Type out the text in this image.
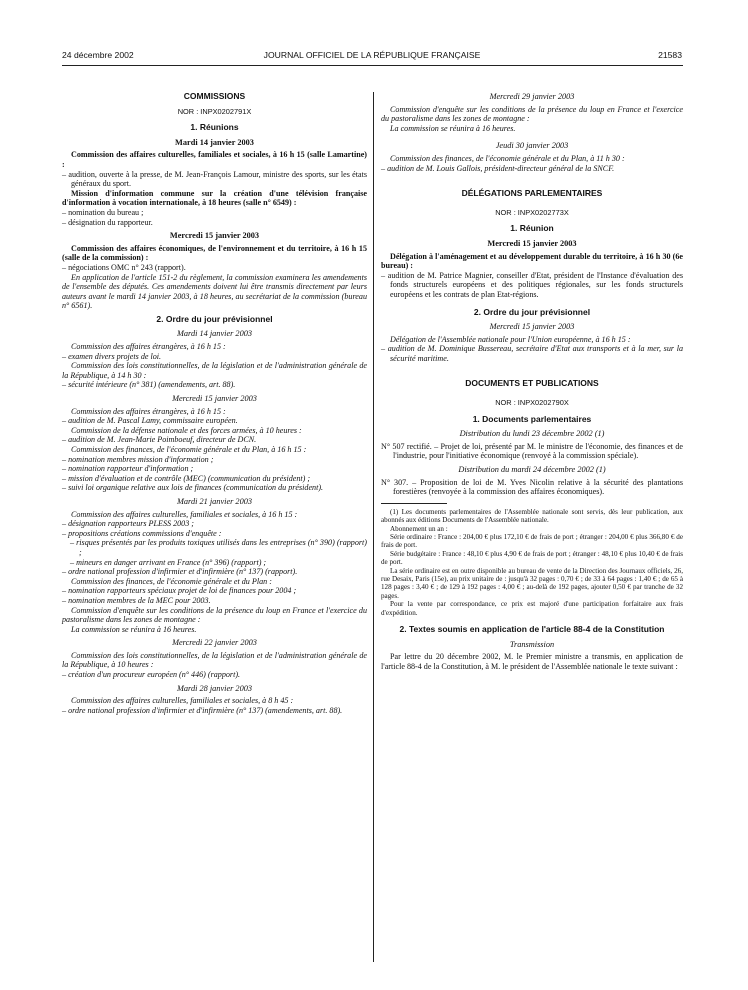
24 décembre 2002	JOURNAL OFFICIEL DE LA RÉPUBLIQUE FRANÇAISE	21583
COMMISSIONS
NOR : INPX0202791X
1. Réunions
Mardi 14 janvier 2003

Commission des affaires culturelles, familiales et sociales, à 16 h 15 (salle Lamartine) :

– audition, ouverte à la presse, de M. Jean-François Lamour, ministre des sports, sur les états généraux du sport.

Mission d'information commune sur la création d'une télévision française d'information à vocation internationale, à 18 heures (salle n° 6549) :

– nomination du bureau ;

– désignation du rapporteur.

Mercredi 15 janvier 2003

Commission des affaires économiques, de l'environnement et du territoire, à 16 h 15 (salle de la commission) :

– négociations OMC n° 243 (rapport).

En application de l'article 151-2 du règlement, la commission examinera les amendements de l'ensemble des députés. Ces amendements doivent lui être transmis directement par leurs auteurs avant le mardi 14 janvier 2003, à 18 heures, au secrétariat de la commission (bureau n° 6561).

2. Ordre du jour prévisionnel
Mardi 14 janvier 2003

Commission des affaires étrangères, à 16 h 15 :

– examen divers projets de loi.

Commission des lois constitutionnelles, de la législation et de l'administration générale de la République, à 14 h 30 :

– sécurité intérieure (n° 381) (amendements, art. 88).

Mercredi 15 janvier 2003

Commission des affaires étrangères, à 16 h 15 :

– audition de M. Pascal Lamy, commissaire européen.

Commission de la défense nationale et des forces armées, à 10 heures :

– audition de M. Jean-Marie Poimboeuf, directeur de DCN.

Commission des finances, de l'économie générale et du Plan, à 16 h 15 :

– nomination membres mission d'information ;

– nomination rapporteur d'information ;

– mission d'évaluation et de contrôle (MEC) (communication du président) ;

– suivi loi organique relative aux lois de finances (communication du président).

Mardi 21 janvier 2003

Commission des affaires culturelles, familiales et sociales, à 16 h 15 :

– désignation rapporteurs PLESS 2003 ;

– propositions créations commissions d'enquête :

– risques présentés par les produits toxiques utilisés dans les entreprises (n° 390) (rapport) ;

– mineurs en danger arrivant en France (n° 396) (rapport) ;

– ordre national profession d'infirmier et d'infirmière (n° 137) (rapport).

Commission des finances, de l'économie générale et du Plan :

– nomination rapporteurs spéciaux projet de loi de finances pour 2004 ;

– nomination membres de la MEC pour 2003.

Commission d'enquête sur les conditions de la présence du loup en France et l'exercice du pastoralisme dans les zones de montagne :

La commission se réunira à 16 heures.

Mercredi 22 janvier 2003

Commission des lois constitutionnelles, de la législation et de l'administration générale de la République, à 10 heures :

– création d'un procureur européen (n° 446) (rapport).

Mardi 28 janvier 2003

Commission des affaires culturelles, familiales et sociales, à 8 h 45 :

– ordre national profession d'infirmier et d'infirmière (n° 137) (amendements, art. 88).

Mercredi 29 janvier 2003

Commission d'enquête sur les conditions de la présence du loup en France et l'exercice du pastoralisme dans les zones de montagne :

La commission se réunira à 16 heures.

Jeudi 30 janvier 2003

Commission des finances, de l'économie générale et du Plan, à 11 h 30 :

– audition de M. Louis Gallois, président-directeur général de la SNCF.

DÉLÉGATIONS PARLEMENTAIRES
NOR : INPX0202773X
1. Réunion
Mercredi 15 janvier 2003

Délégation à l'aménagement et au développement durable du territoire, à 16 h 30 (6e bureau) :

– audition de M. Patrice Magnier, conseiller d'Etat, président de l'Instance d'évaluation des fonds structurels européens et des politiques régionales, sur les fonds structurels européens et les contrats de plan Etat-régions.

2. Ordre du jour prévisionnel
Mercredi 15 janvier 2003

Délégation de l'Assemblée nationale pour l'Union européenne, à 16 h 15 :

– audition de M. Dominique Bussereau, secrétaire d'Etat aux transports et à la mer, sur la sécurité maritime.

DOCUMENTS ET PUBLICATIONS
NOR : INPX0202790X
1. Documents parlementaires
Distribution du lundi 23 décembre 2002 (1)

N° 507 rectifié. – Projet de loi, présenté par M. le ministre de l'économie, des finances et de l'industrie, pour l'initiative économique (renvoyé à la commission spéciale).

Distribution du mardi 24 décembre 2002 (1)

N° 307. – Proposition de loi de M. Yves Nicolin relative à la sécurité des plantations forestières (renvoyée à la commission des affaires économiques).

(1) Les documents parlementaires de l'Assemblée nationale sont servis, dès leur publication, aux abonnés aux éditions Documents de l'Assemblée nationale.

Abonnement un an :

Série ordinaire : France : 204,00 € plus 172,10 € de frais de port ; étranger : 204,00 € plus 366,80 € de frais de port.

Série budgétaire : France : 48,10 € plus 4,90 € de frais de port ; étranger : 48,10 € plus 10,40 € de frais de port.

La série ordinaire est en outre disponible au bureau de vente de la Direction des Journaux officiels, 26, rue Desaix, Paris (15e), au prix unitaire de : jusqu'à 32 pages : 0,70 € ; de 33 à 64 pages : 1,40 € ; de 65 à 128 pages : 3,40 € ; de 129 à 192 pages : 4,00 € ; au-delà de 192 pages, ajouter 0,50 € par tranche de 32 pages.

Pour la vente par correspondance, ce prix est majoré d'une participation forfaitaire aux frais d'expédition.

2. Textes soumis en application de l'article 88-4 de la Constitution
Transmission

Par lettre du 20 décembre 2002, M. le Premier ministre a transmis, en application de l'article 88-4 de la Constitution, à M. le président de l'Assemblée nationale le texte suivant :
